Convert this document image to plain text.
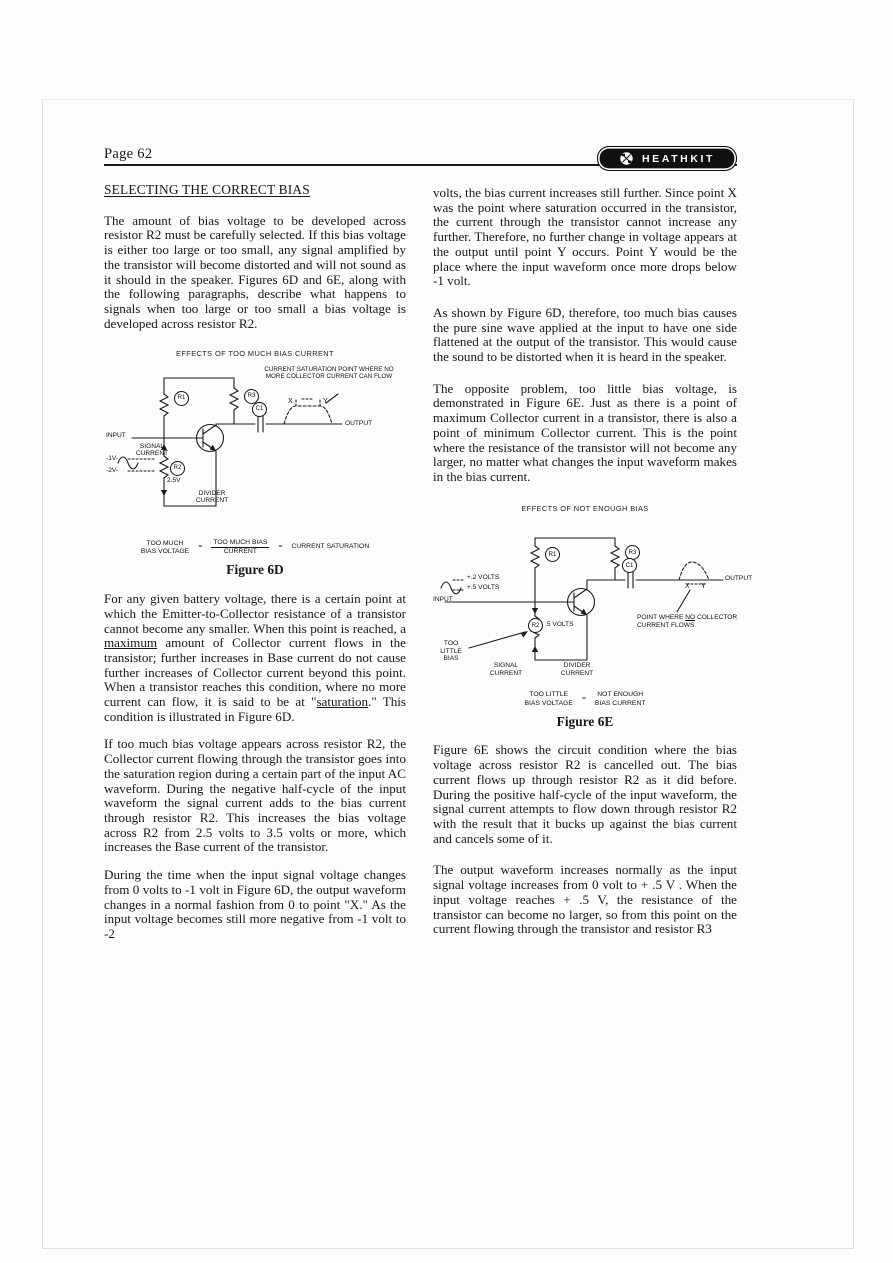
Page 62	HEATHKIT
SELECTING THE CORRECT BIAS

The amount of bias voltage to be developed across resistor R2 must be carefully selected. If this bias voltage is either too large or too small, any signal amplified by the transistor will become distorted and will not sound as it should in the speaker. Figures 6D and 6E, along with the following paragraphs, describe what happens to signals when too large or too small a bias voltage is developed across resistor R2.

EFFECTS OF TOO MUCH BIAS CURRENT
R1	R3
C1
R2
CURRENT SATURATION POINT WHERE NO MORE COLLECTOR CURRENT CAN FLOW
INPUT
SIGNAL CURRENT
-1V-
-2V-
2.5V
DIVIDER CURRENT
OUTPUT
X	Y
TOO MUCH
BIAS VOLTAGE
= $\frac{\text{TOO MUCH BIAS}}{\text{CURRENT}}$ = CURRENT SATURATION
Figure 6D

For any given battery voltage, there is a certain point at which the Emitter-to-Collector resistance of a transistor cannot become any smaller. When this point is reached, a maximum amount of Collector current flows in the transistor; further increases in Base current do not cause further increases of Collector current beyond this point. When a transistor reaches this condition, where no more current can flow, it is said to be at "saturation." This condition is illustrated in Figure 6D.

If too much bias voltage appears across resistor R2, the Collector current flowing through the transistor goes into the saturation region during a certain part of the input AC waveform. During the negative half-cycle of the input waveform the signal current adds to the bias current through resistor R2. This increases the bias voltage across R2 from 2.5 volts to 3.5 volts or more, which increases the Base current of the transistor.

During the time when the input signal voltage changes from 0 volts to -1 volt in Figure 6D, the output waveform changes in a normal fashion from 0 to point "X." As the input voltage becomes still more negative from -1 volt to -2

volts, the bias current increases still further. Since point X was the point where saturation occurred in the transistor, the current through the transistor cannot increase any further. Therefore, no further change in voltage appears at the output until point Y occurs. Point Y would be the place where the input waveform once more drops below -1 volt.

As shown by Figure 6D, therefore, too much bias causes the pure sine wave applied at the input to have one side flattened at the output of the transistor. This would cause the sound to be distorted when it is heard in the speaker.

The opposite problem, too little bias voltage, is demonstrated in Figure 6E. Just as there is a point of maximum Collector current in a transistor, there is also a point of minimum Collector current. This is the point where the resistance of the transistor will not become any larger, no matter what changes the input waveform makes in the bias current.

EFFECTS OF NOT ENOUGH BIAS
R1	R3
C1
R2
+.2 VOLTS
+.5 VOLTS
INPUT
OUTPUT
X Y
POINT WHERE NO COLLECTOR CURRENT FLOWS
.5 VOLTS
TOO LITTLE BIAS
SIGNAL CURRENT
DIVIDER CURRENT
TOO LITTLE
BIAS VOLTAGE
=
NOT ENOUGH
BIAS CURRENT
Figure 6E

Figure 6E shows the circuit condition where the bias voltage across resistor R2 is cancelled out. The bias current flows up through resistor R2 as it did before. During the positive half-cycle of the input waveform, the signal current attempts to flow down through resistor R2 with the result that it bucks up against the bias current and cancels some of it.

The output waveform increases normally as the input signal voltage increases from 0 volt to + .5 V . When the input voltage reaches + .5 V, the resistance of the transistor can become no larger, so from this point on the current flowing through the transistor and resistor R3
